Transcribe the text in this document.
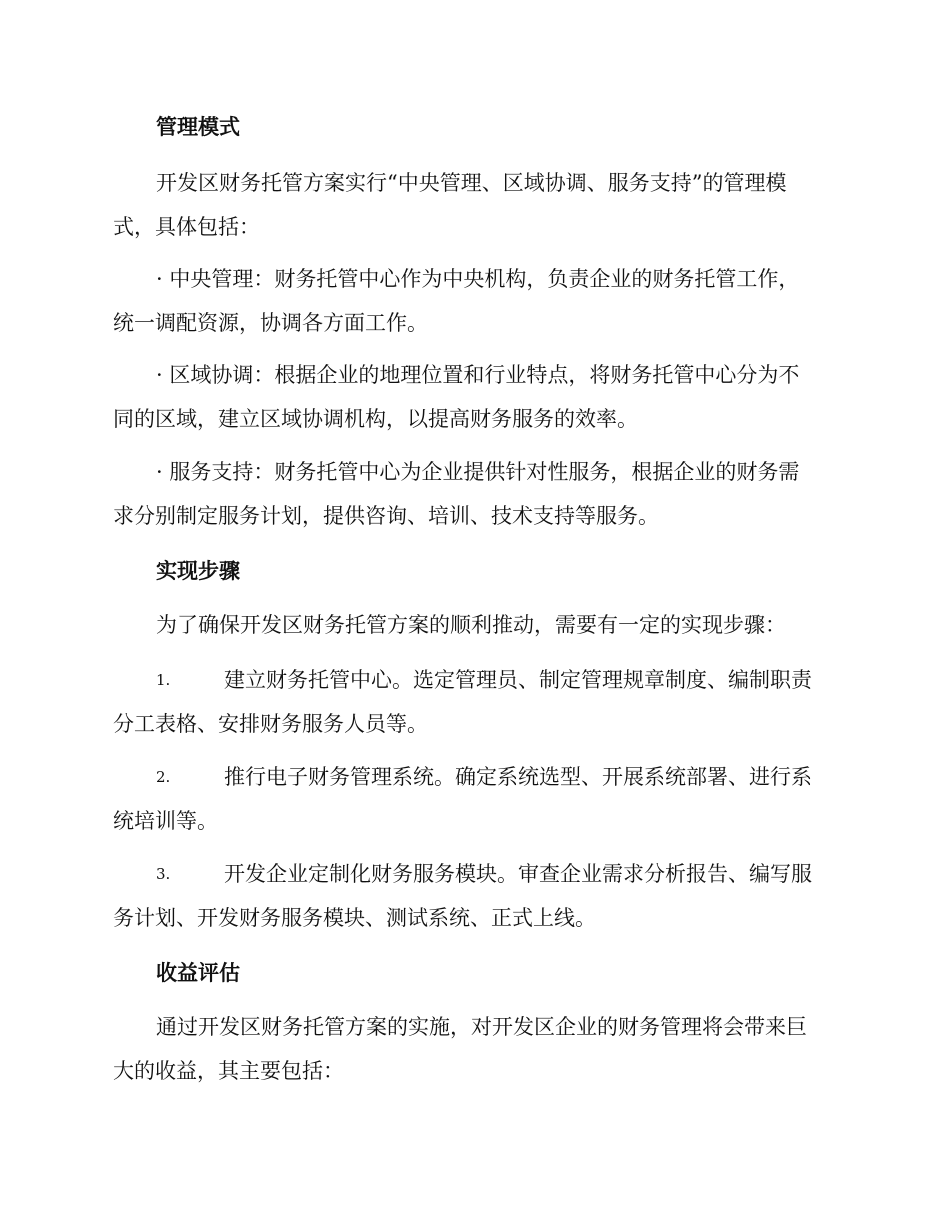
管理模式
开发区财务托管方案实行“中央管理、区域协调、服务支持”的管理模
式，具体包括：
· 中央管理：财务托管中心作为中央机构，负责企业的财务托管工作，
统一调配资源，协调各方面工作。
· 区域协调：根据企业的地理位置和行业特点，将财务托管中心分为不
同的区域，建立区域协调机构，以提高财务服务的效率。
· 服务支持：财务托管中心为企业提供针对性服务，根据企业的财务需
求分别制定服务计划，提供咨询、培训、技术支持等服务。
实现步骤
为了确保开发区财务托管方案的顺利推动，需要有一定的实现步骤：
1.	建立财务托管中心。选定管理员、制定管理规章制度、编制职责
分工表格、安排财务服务人员等。
2.	推行电子财务管理系统。确定系统选型、开展系统部署、进行系
统培训等。
3.	开发企业定制化财务服务模块。审查企业需求分析报告、编写服
务计划、开发财务服务模块、测试系统、正式上线。
收益评估
通过开发区财务托管方案的实施，对开发区企业的财务管理将会带来巨
大的收益，其主要包括：
